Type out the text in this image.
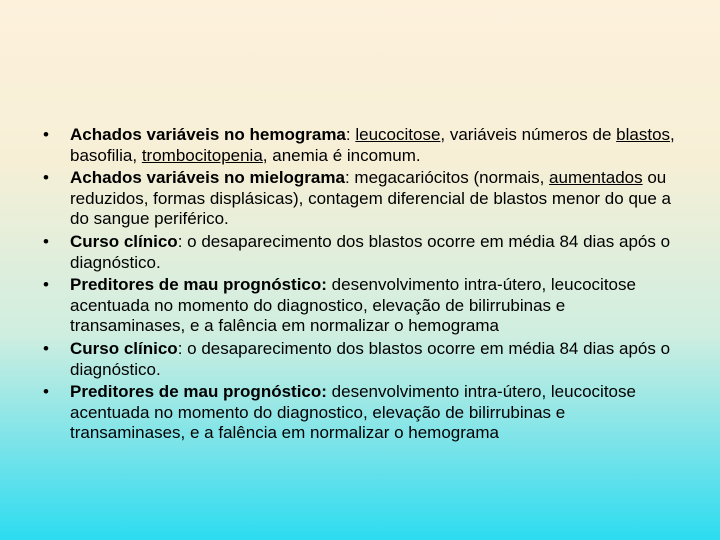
• Achados variáveis no hemograma: leucocitose, variáveis números de blastos, basofilia, trombocitopenia, anemia é incomum.
• Achados variáveis no mielograma: megacariócitos (normais, aumentados ou reduzidos, formas displásicas), contagem diferencial de blastos menor do que a do sangue periférico.
• Curso clínico: o desaparecimento dos blastos ocorre em média 84 dias após o diagnóstico.
• Preditores de mau prognóstico: desenvolvimento intra-útero, leucocitose acentuada no momento do diagnostico, elevação de bilirrubinas e transaminases, e a falência em normalizar o hemograma
• Curso clínico: o desaparecimento dos blastos ocorre em média 84 dias após o diagnóstico.
• Preditores de mau prognóstico: desenvolvimento intra-útero, leucocitose acentuada no momento do diagnostico, elevação de bilirrubinas e transaminases, e a falência em normalizar o hemograma
